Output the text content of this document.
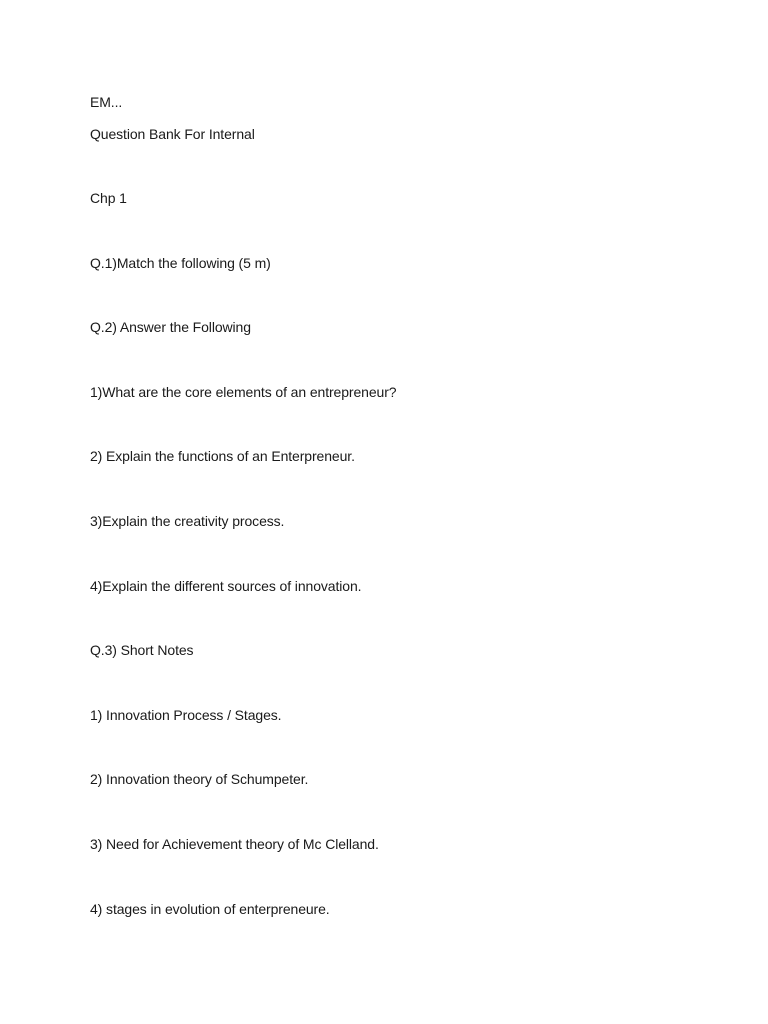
EM...
Question Bank For Internal
Chp 1
Q.1)Match the following (5 m)
Q.2) Answer the Following
1)What are the core elements of an entrepreneur?
2) Explain the functions of an Enterpreneur.
3)Explain the creativity process.
4)Explain the different sources of innovation.
Q.3) Short Notes
1) Innovation Process / Stages.
2) Innovation theory of Schumpeter.
3) Need for Achievement theory of Mc Clelland.
4) stages in evolution of enterpreneure.
